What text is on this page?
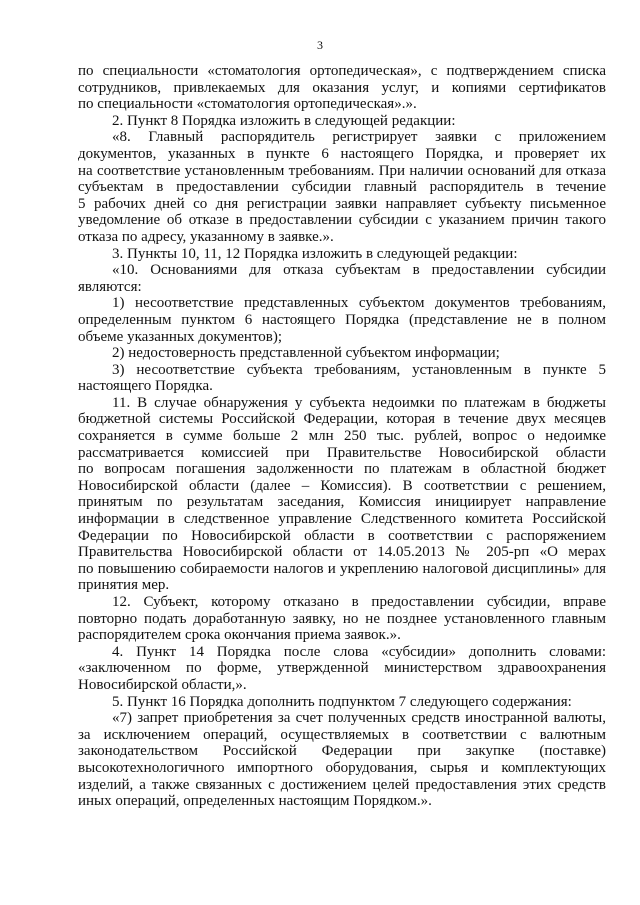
3
по специальности «стоматология ортопедическая», с подтверждением списка
сотрудников, привлекаемых для оказания услуг, и копиями сертификатов
по специальности «стоматология ортопедическая».».
2. Пункт 8 Порядка изложить в следующей редакции:
«8. Главный распорядитель регистрирует заявки с приложением
документов, указанных в пункте 6 настоящего Порядка, и проверяет их
на соответствие установленным требованиям. При наличии оснований для отказа
субъектам в предоставлении субсидии главный распорядитель в течение
5 рабочих дней со дня регистрации заявки направляет субъекту письменное
уведомление об отказе в предоставлении субсидии с указанием причин такого
отказа по адресу, указанному в заявке.».
3. Пункты 10, 11, 12 Порядка изложить в следующей редакции:
«10. Основаниями для отказа субъектам в предоставлении субсидии
являются:
1) несоответствие представленных субъектом документов требованиям,
определенным пунктом 6 настоящего Порядка (представление не в полном
объеме указанных документов);
2) недостоверность представленной субъектом информации;
3) несоответствие субъекта требованиям, установленным в пункте 5
настоящего Порядка.
11. В случае обнаружения у субъекта недоимки по платежам в бюджеты
бюджетной системы Российской Федерации, которая в течение двух месяцев
сохраняется в сумме больше 2 млн 250 тыс. рублей, вопрос о недоимке
рассматривается комиссией при Правительстве Новосибирской области
по вопросам погашения задолженности по платежам в областной бюджет
Новосибирской области (далее – Комиссия). В соответствии с решением,
принятым по результатам заседания, Комиссия инициирует направление
информации в следственное управление Следственного комитета Российской
Федерации по Новосибирской области в соответствии с распоряжением
Правительства Новосибирской области от 14.05.2013 № 205-рп «О мерах
по повышению собираемости налогов и укреплению налоговой дисциплины» для
принятия мер.
12. Субъект, которому отказано в предоставлении субсидии, вправе
повторно подать доработанную заявку, но не позднее установленного главным
распорядителем срока окончания приема заявок.».
4. Пункт 14 Порядка после слова «субсидии» дополнить словами:
«заключенном по форме, утвержденной министерством здравоохранения
Новосибирской области,».
5. Пункт 16 Порядка дополнить подпунктом 7 следующего содержания:
«7) запрет приобретения за счет полученных средств иностранной валюты,
за исключением операций, осуществляемых в соответствии с валютным
законодательством Российской Федерации при закупке (поставке)
высокотехнологичного импортного оборудования, сырья и комплектующих
изделий, а также связанных с достижением целей предоставления этих средств
иных операций, определенных настоящим Порядком.».
